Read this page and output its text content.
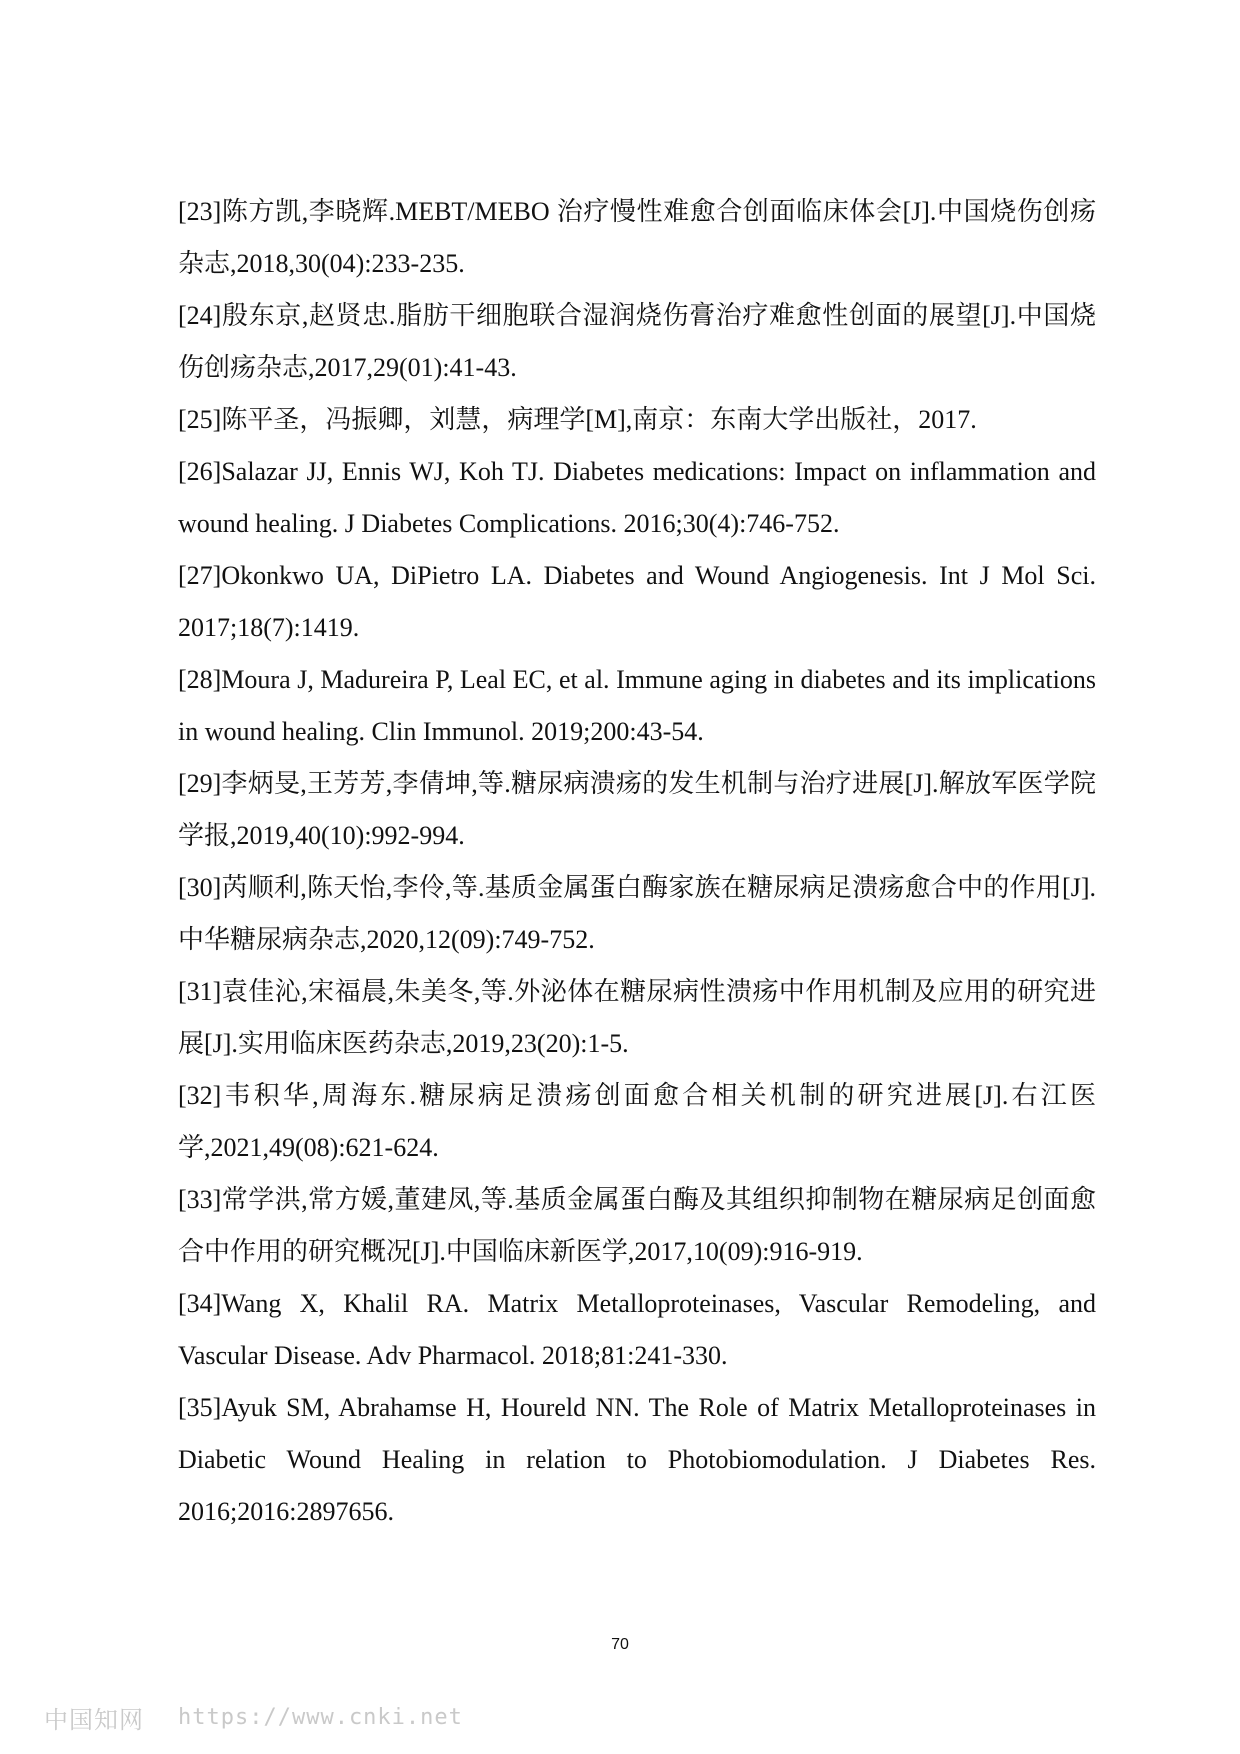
[23]陈方凯,李晓辉.MEBT/MEBO 治疗慢性难愈合创面临床体会[J].中国烧伤创疡杂志,2018,30(04):233-235.
[24]殷东京,赵贤忠.脂肪干细胞联合湿润烧伤膏治疗难愈性创面的展望[J].中国烧伤创疡杂志,2017,29(01):41-43.
[25]陈平圣，冯振卿，刘慧，病理学[M],南京：东南大学出版社，2017.
[26]Salazar JJ, Ennis WJ, Koh TJ. Diabetes medications: Impact on inflammation and wound healing. J Diabetes Complications. 2016;30(4):746-752.
[27]Okonkwo UA, DiPietro LA. Diabetes and Wound Angiogenesis. Int J Mol Sci. 2017;18(7):1419.
[28]Moura J, Madureira P, Leal EC, et al. Immune aging in diabetes and its implications in wound healing. Clin Immunol. 2019;200:43-54.
[29]李炳旻,王芳芳,李倩坤,等.糖尿病溃疡的发生机制与治疗进展[J].解放军医学院学报,2019,40(10):992-994.
[30]芮顺利,陈天怡,李伶,等.基质金属蛋白酶家族在糖尿病足溃疡愈合中的作用[J].中华糖尿病杂志,2020,12(09):749-752.
[31]袁佳沁,宋福晨,朱美冬,等.外泌体在糖尿病性溃疡中作用机制及应用的研究进展[J].实用临床医药杂志,2019,23(20):1-5.
[32]韦积华,周海东.糖尿病足溃疡创面愈合相关机制的研究进展[J].右江医学,2021,49(08):621-624.
[33]常学洪,常方媛,董建凤,等.基质金属蛋白酶及其组织抑制物在糖尿病足创面愈合中作用的研究概况[J].中国临床新医学,2017,10(09):916-919.
[34]Wang X, Khalil RA. Matrix Metalloproteinases, Vascular Remodeling, and Vascular Disease. Adv Pharmacol. 2018;81:241-330.
[35]Ayuk SM, Abrahamse H, Houreld NN. The Role of Matrix Metalloproteinases in Diabetic Wound Healing in relation to Photobiomodulation. J Diabetes Res. 2016;2016:2897656.
70
中国知网 https://www.cnki.net
